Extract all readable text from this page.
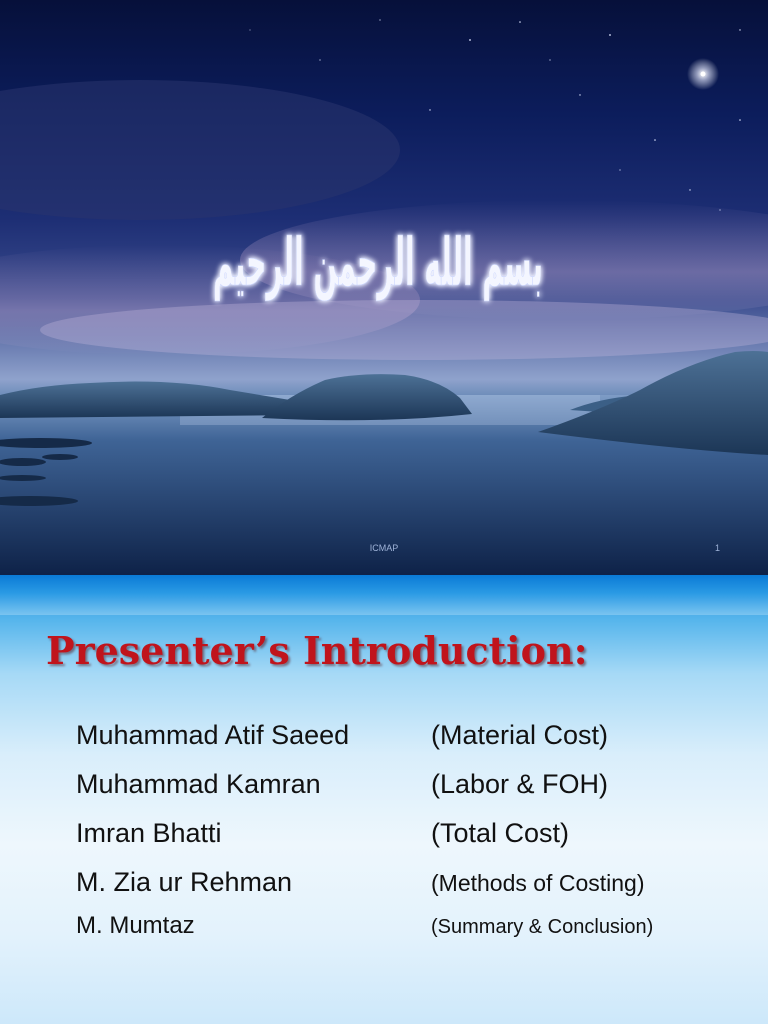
بسم الله الرحمن الرحيم
ICMAP	1
Presenter’s Introduction:
Muhammad Atif Saeed	(Material Cost)
Muhammad Kamran	(Labor & FOH)
Imran Bhatti	(Total Cost)
M. Zia ur Rehman	(Methods of Costing)
M. Mumtaz	(Summary & Conclusion)
